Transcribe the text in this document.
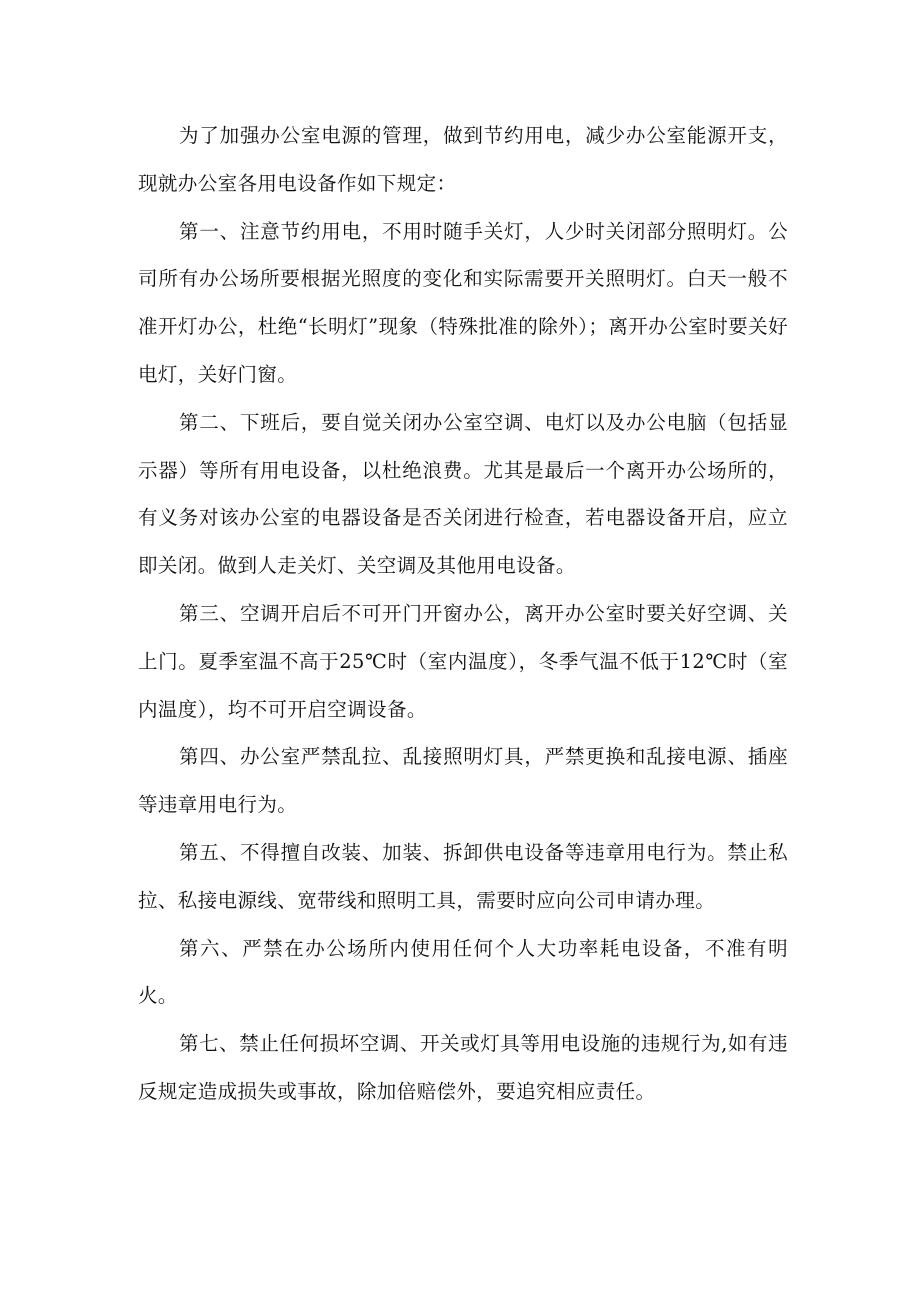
为了加强办公室电源的管理，做到节约用电，减少办公室能源开支，现就办公室各用电设备作如下规定：

第一、注意节约用电，不用时随手关灯，人少时关闭部分照明灯。公司所有办公场所要根据光照度的变化和实际需要开关照明灯。白天一般不准开灯办公，杜绝“长明灯”现象（特殊批准的除外）；离开办公室时要关好电灯，关好门窗。

第二、下班后，要自觉关闭办公室空调、电灯以及办公电脑（包括显示器）等所有用电设备，以杜绝浪费。尤其是最后一个离开办公场所的，有义务对该办公室的电器设备是否关闭进行检查，若电器设备开启，应立即关闭。做到人走关灯、关空调及其他用电设备。

第三、空调开启后不可开门开窗办公，离开办公室时要关好空调、关上门。夏季室温不高于25℃时（室内温度），冬季气温不低于12℃时（室内温度），均不可开启空调设备。

第四、办公室严禁乱拉、乱接照明灯具，严禁更换和乱接电源、插座等违章用电行为。

第五、不得擅自改装、加装、拆卸供电设备等违章用电行为。禁止私拉、私接电源线、宽带线和照明工具，需要时应向公司申请办理。

第六、严禁在办公场所内使用任何个人大功率耗电设备，不准有明火。

第七、禁止任何损坏空调、开关或灯具等用电设施的违规行为,如有违反规定造成损失或事故，除加倍赔偿外，要追究相应责任。
